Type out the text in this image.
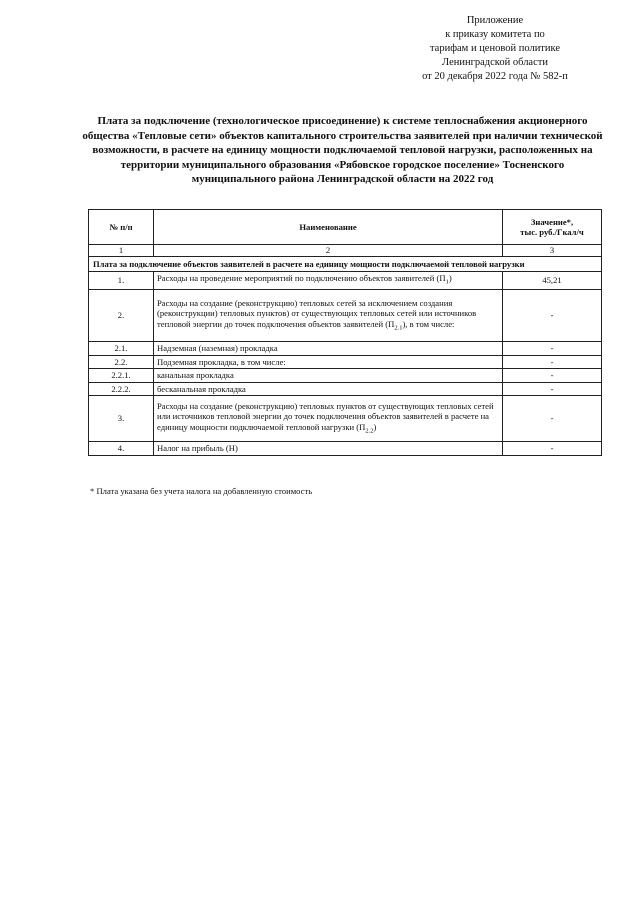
Приложение
к приказу комитета по
тарифам и ценовой политике
Ленинградской области
от 20 декабря 2022 года № 582-п
Плата за подключение (технологическое присоединение) к системе теплоснабжения акционерного общества «Тепловые сети» объектов капитального строительства заявителей при наличии технической возможности, в расчете на единицу мощности подключаемой тепловой нагрузки, расположенных на территории муниципального образования «Рябовское городское поселение» Тосненского муниципального района Ленинградской области на 2022 год
№ п/п	Наименование	Значение*,
тыс. руб./Гкал/ч

1	2	3
Плата за подключение объектов заявителей в расчете на единицу мощности подключаемой тепловой нагрузки		
1.	Расходы на проведение мероприятий по подключению объектов заявителей $(П_1)$	45,21
2.	Расходы на создание (реконструкцию) тепловых сетей за исключением создания (реконструкции) тепловых пунктов) от существующих тепловых сетей или источников тепловой энергии до точек подключения объектов заявителей $(П_{2.1})$, в том числе:	-
2.1.	Надземная (наземная) прокладка	-
2.2.	Подземная прокладка, в том числе:	-
2.2.1.	канальная прокладка	-
2.2.2.	бесканальная прокладка	-
3.	Расходы на создание (реконструкцию) тепловых пунктов от существующих тепловых сетей или источников тепловой энергии до точек подключения объектов заявителей в расчете на единицу мощности подключаемой тепловой нагрузки $(П_{2.2})$	-
4.	Налог на прибыль (Н)	-
* Плата указана без учета налога на добавленную стоимость
